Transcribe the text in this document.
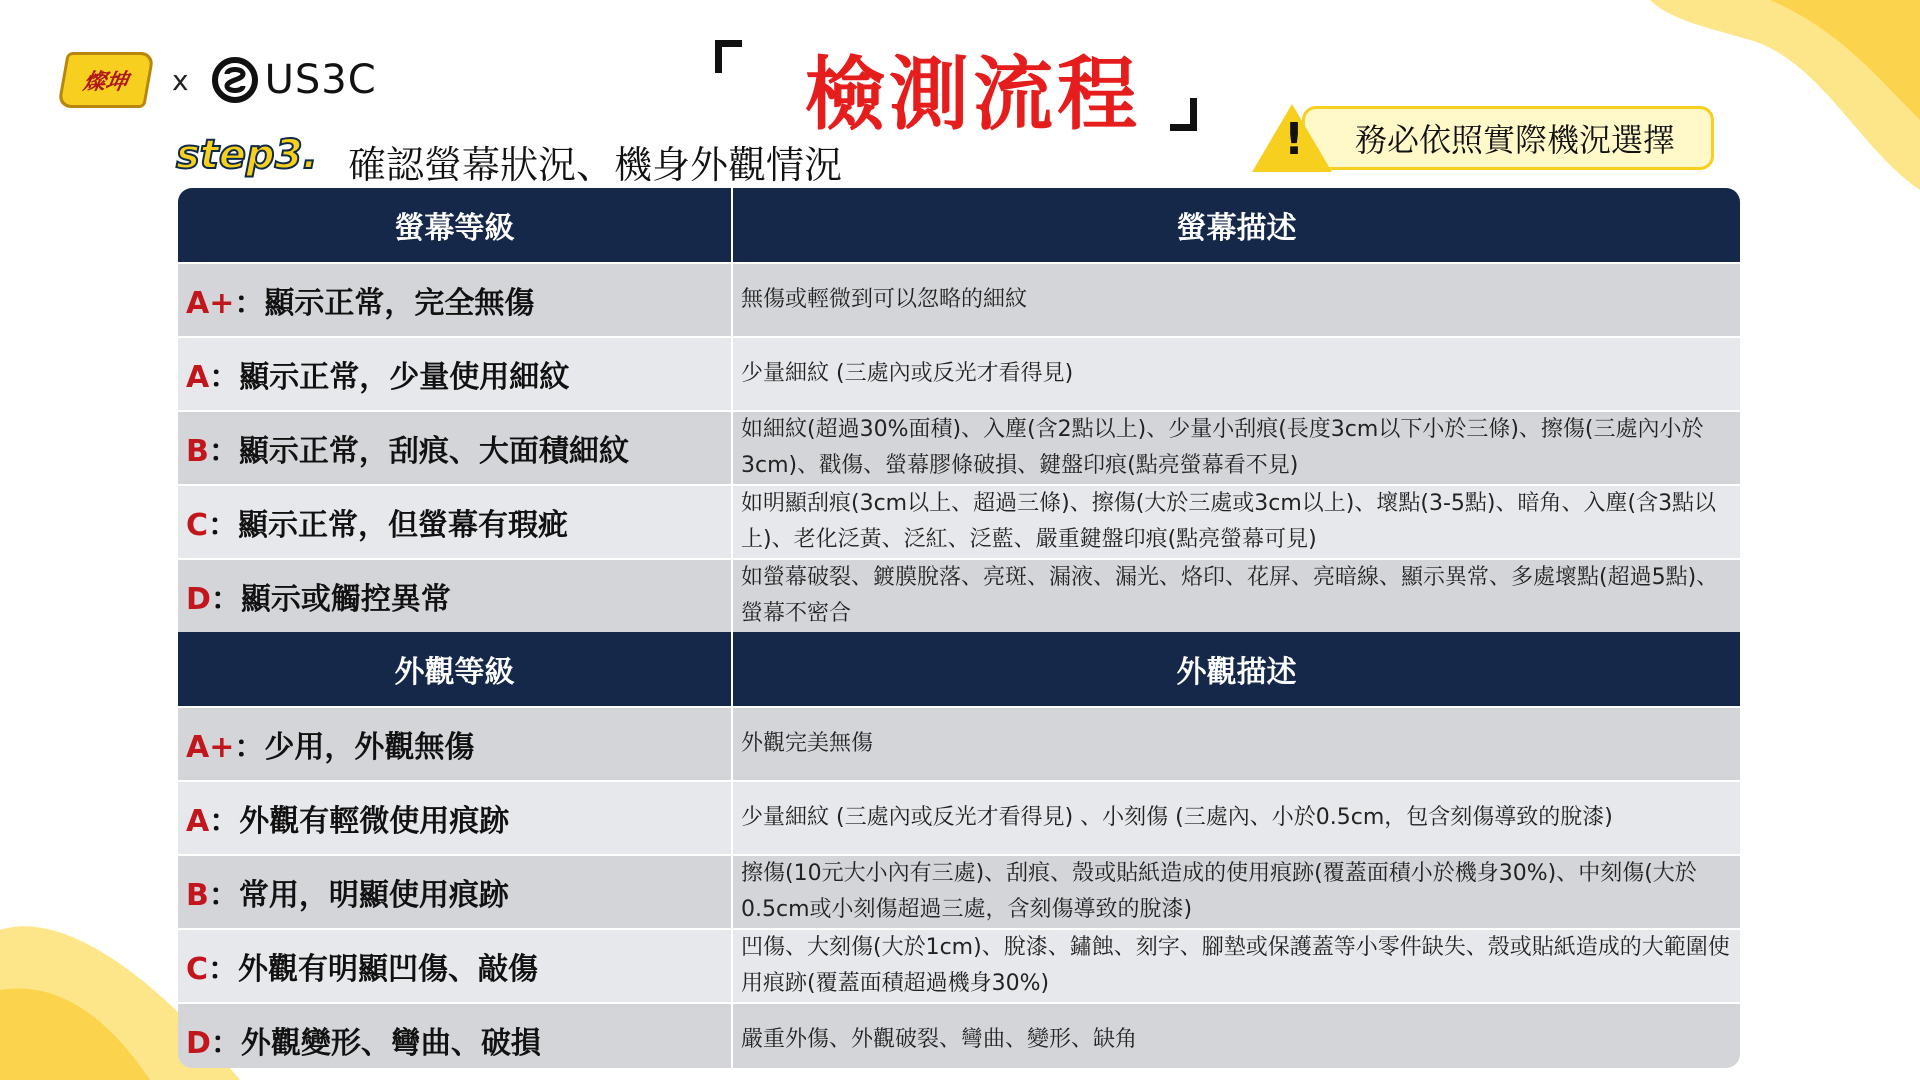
燦坤 x US3C	檢測流程
step3. 確認螢幕狀況、機身外觀情況	!	務必依照實際機況選擇
螢幕等級	螢幕描述
A+：顯示正常，完全無傷	無傷或輕微到可以忽略的細紋
A：顯示正常，少量使用細紋	少量細紋 (三處內或反光才看得見)
B：顯示正常，刮痕、大面積細紋	如細紋(超過30%面積)、入塵(含2點以上)、少量小刮痕(長度3cm以下小於三條)、擦傷(三處內小於3cm)、戳傷、螢幕膠條破損、鍵盤印痕(點亮螢幕看不見)
C：顯示正常，但螢幕有瑕疵	如明顯刮痕(3cm以上、超過三條)、擦傷(大於三處或3cm以上)、壞點(3-5點)、暗角、入塵(含3點以上)、老化泛黃、泛紅、泛藍、嚴重鍵盤印痕(點亮螢幕可見)
D：顯示或觸控異常	如螢幕破裂、鍍膜脫落、亮斑、漏液、漏光、烙印、花屏、亮暗線、顯示異常、多處壞點(超過5點)、螢幕不密合
外觀等級	外觀描述
A+：少用，外觀無傷	外觀完美無傷
A：外觀有輕微使用痕跡	少量細紋 (三處內或反光才看得見) 、小刻傷 (三處內、小於0.5cm，包含刻傷導致的脫漆)
B：常用，明顯使用痕跡	擦傷(10元大小內有三處)、刮痕、殼或貼紙造成的使用痕跡(覆蓋面積小於機身30%)、中刻傷(大於0.5cm或小刻傷超過三處，含刻傷導致的脫漆)
C：外觀有明顯凹傷、敲傷	凹傷、大刻傷(大於1cm)、脫漆、鏽蝕、刻字、腳墊或保護蓋等小零件缺失、殼或貼紙造成的大範圍使用痕跡(覆蓋面積超過機身30%)
D：外觀變形、彎曲、破損	嚴重外傷、外觀破裂、彎曲、變形、缺角
